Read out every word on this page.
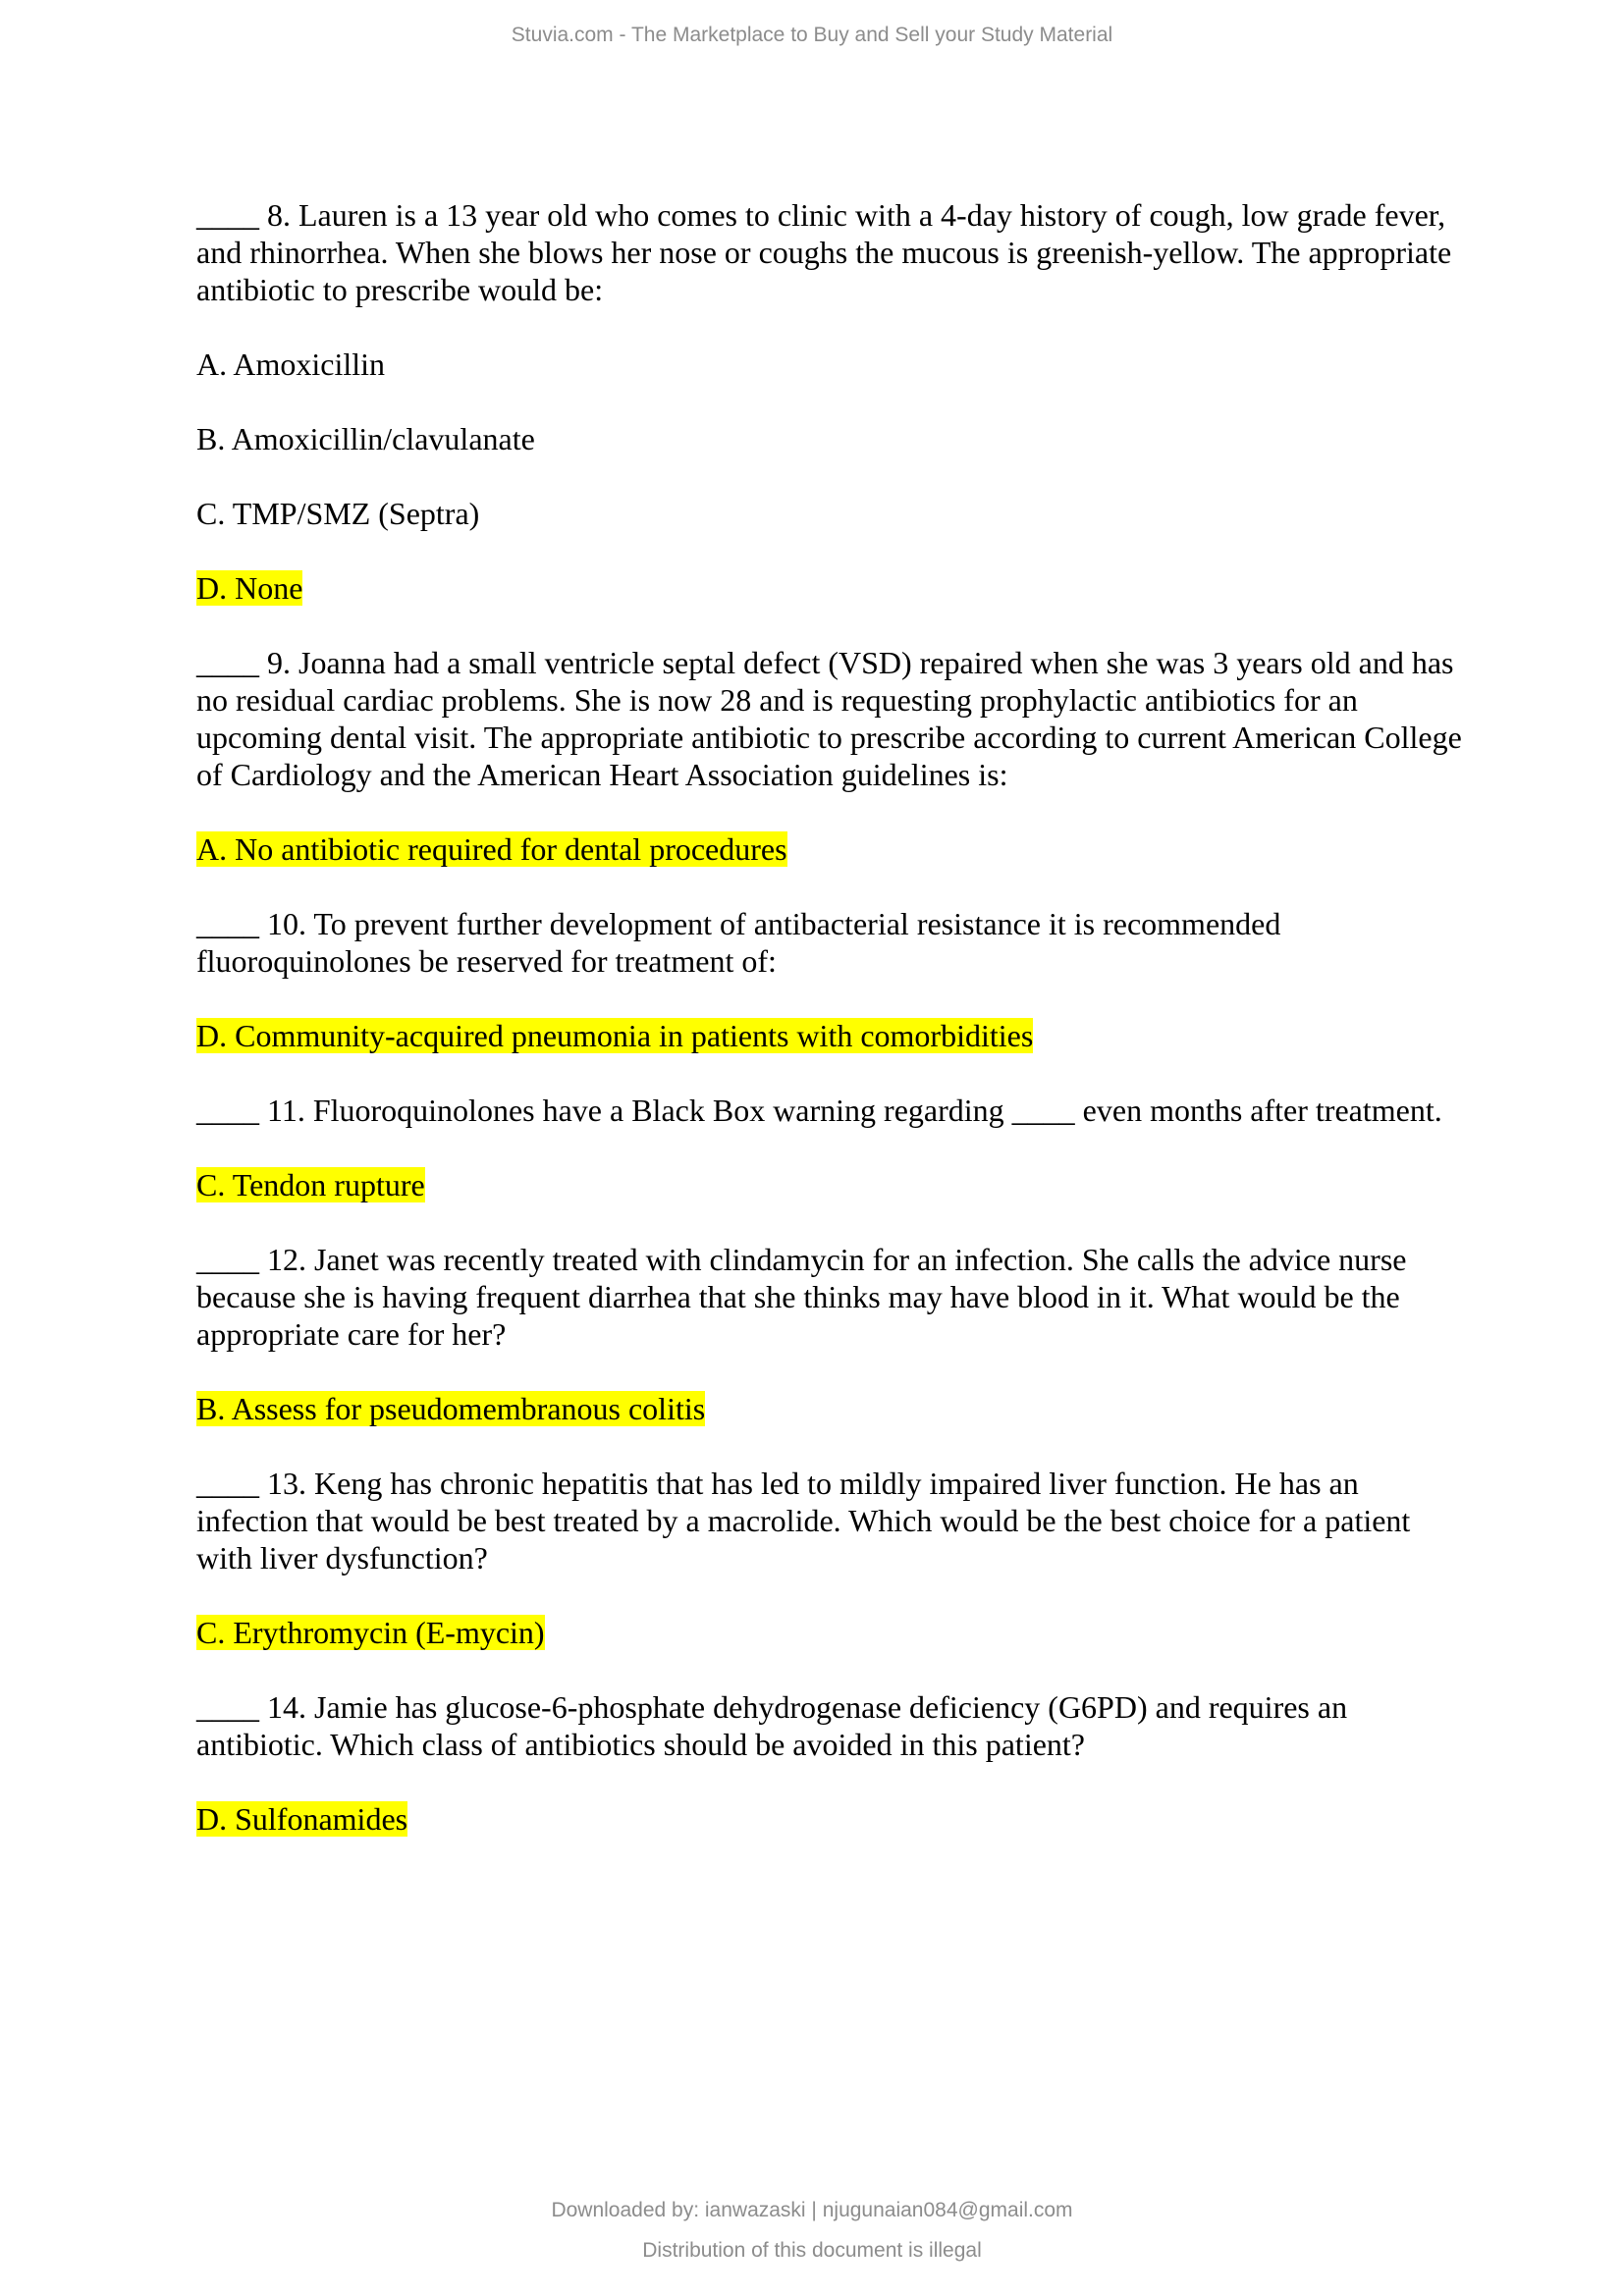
Stuvia.com - The Marketplace to Buy and Sell your Study Material

____ 8. Lauren is a 13 year old who comes to clinic with a 4-day history of cough, low grade fever, and rhinorrhea. When she blows her nose or coughs the mucous is greenish-yellow. The appropriate antibiotic to prescribe would be:

A. Amoxicillin

B. Amoxicillin/clavulanate

C. TMP/SMZ (Septra)

D. None

____ 9. Joanna had a small ventricle septal defect (VSD) repaired when she was 3 years old and has no residual cardiac problems. She is now 28 and is requesting prophylactic antibiotics for an upcoming dental visit. The appropriate antibiotic to prescribe according to current American College of Cardiology and the American Heart Association guidelines is:

A. No antibiotic required for dental procedures

____ 10. To prevent further development of antibacterial resistance it is recommended fluoroquinolones be reserved for treatment of:

D. Community-acquired pneumonia in patients with comorbidities

____ 11. Fluoroquinolones have a Black Box warning regarding ____ even months after treatment.

C. Tendon rupture

____ 12. Janet was recently treated with clindamycin for an infection. She calls the advice nurse because she is having frequent diarrhea that she thinks may have blood in it. What would be the appropriate care for her?

B. Assess for pseudomembranous colitis

____ 13. Keng has chronic hepatitis that has led to mildly impaired liver function. He has an infection that would be best treated by a macrolide. Which would be the best choice for a patient with liver dysfunction?

C. Erythromycin (E-mycin)

____ 14. Jamie has glucose-6-phosphate dehydrogenase deficiency (G6PD) and requires an antibiotic. Which class of antibiotics should be avoided in this patient?

D. Sulfonamides

Downloaded by: ianwazaski | njugunaian084@gmail.com
Distribution of this document is illegal
